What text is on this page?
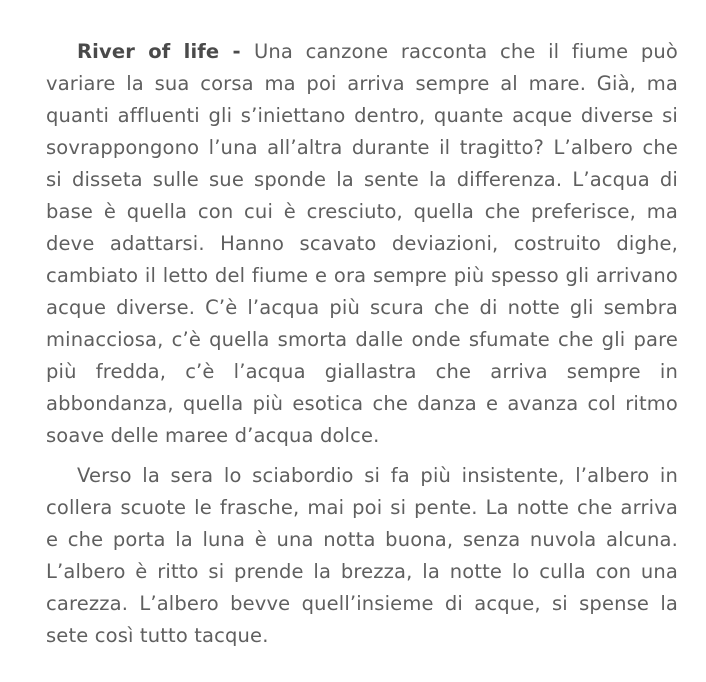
River of life - Una canzone racconta che il fiume può variare la sua corsa ma poi arriva sempre al mare. Già, ma quanti affluenti gli s’iniettano dentro, quante acque diverse si sovrappongono l’una all’altra durante il tragitto? L’albero che si disseta sulle sue sponde la sente la differenza. L’acqua di base è quella con cui è cresciuto, quella che preferisce, ma deve adattarsi. Hanno scavato deviazioni, costruito dighe, cambiato il letto del fiume e ora sempre più spesso gli arrivano acque diverse. C’è l’acqua più scura che di notte gli sembra minacciosa, c’è quella smorta dalle onde sfumate che gli pare più fredda, c’è l’acqua giallastra che arriva sempre in abbondanza, quella più esotica che danza e avanza col ritmo soave delle maree d’acqua dolce.

Verso la sera lo sciabordio si fa più insistente, l’albero in collera scuote le frasche, mai poi si pente. La notte che arriva e che porta la luna è una notta buona, senza nuvola alcuna. L’albero è ritto si prende la brezza, la notte lo culla con una carezza. L’albero bevve quell’insieme di acque, si spense la sete così tutto tacque.
